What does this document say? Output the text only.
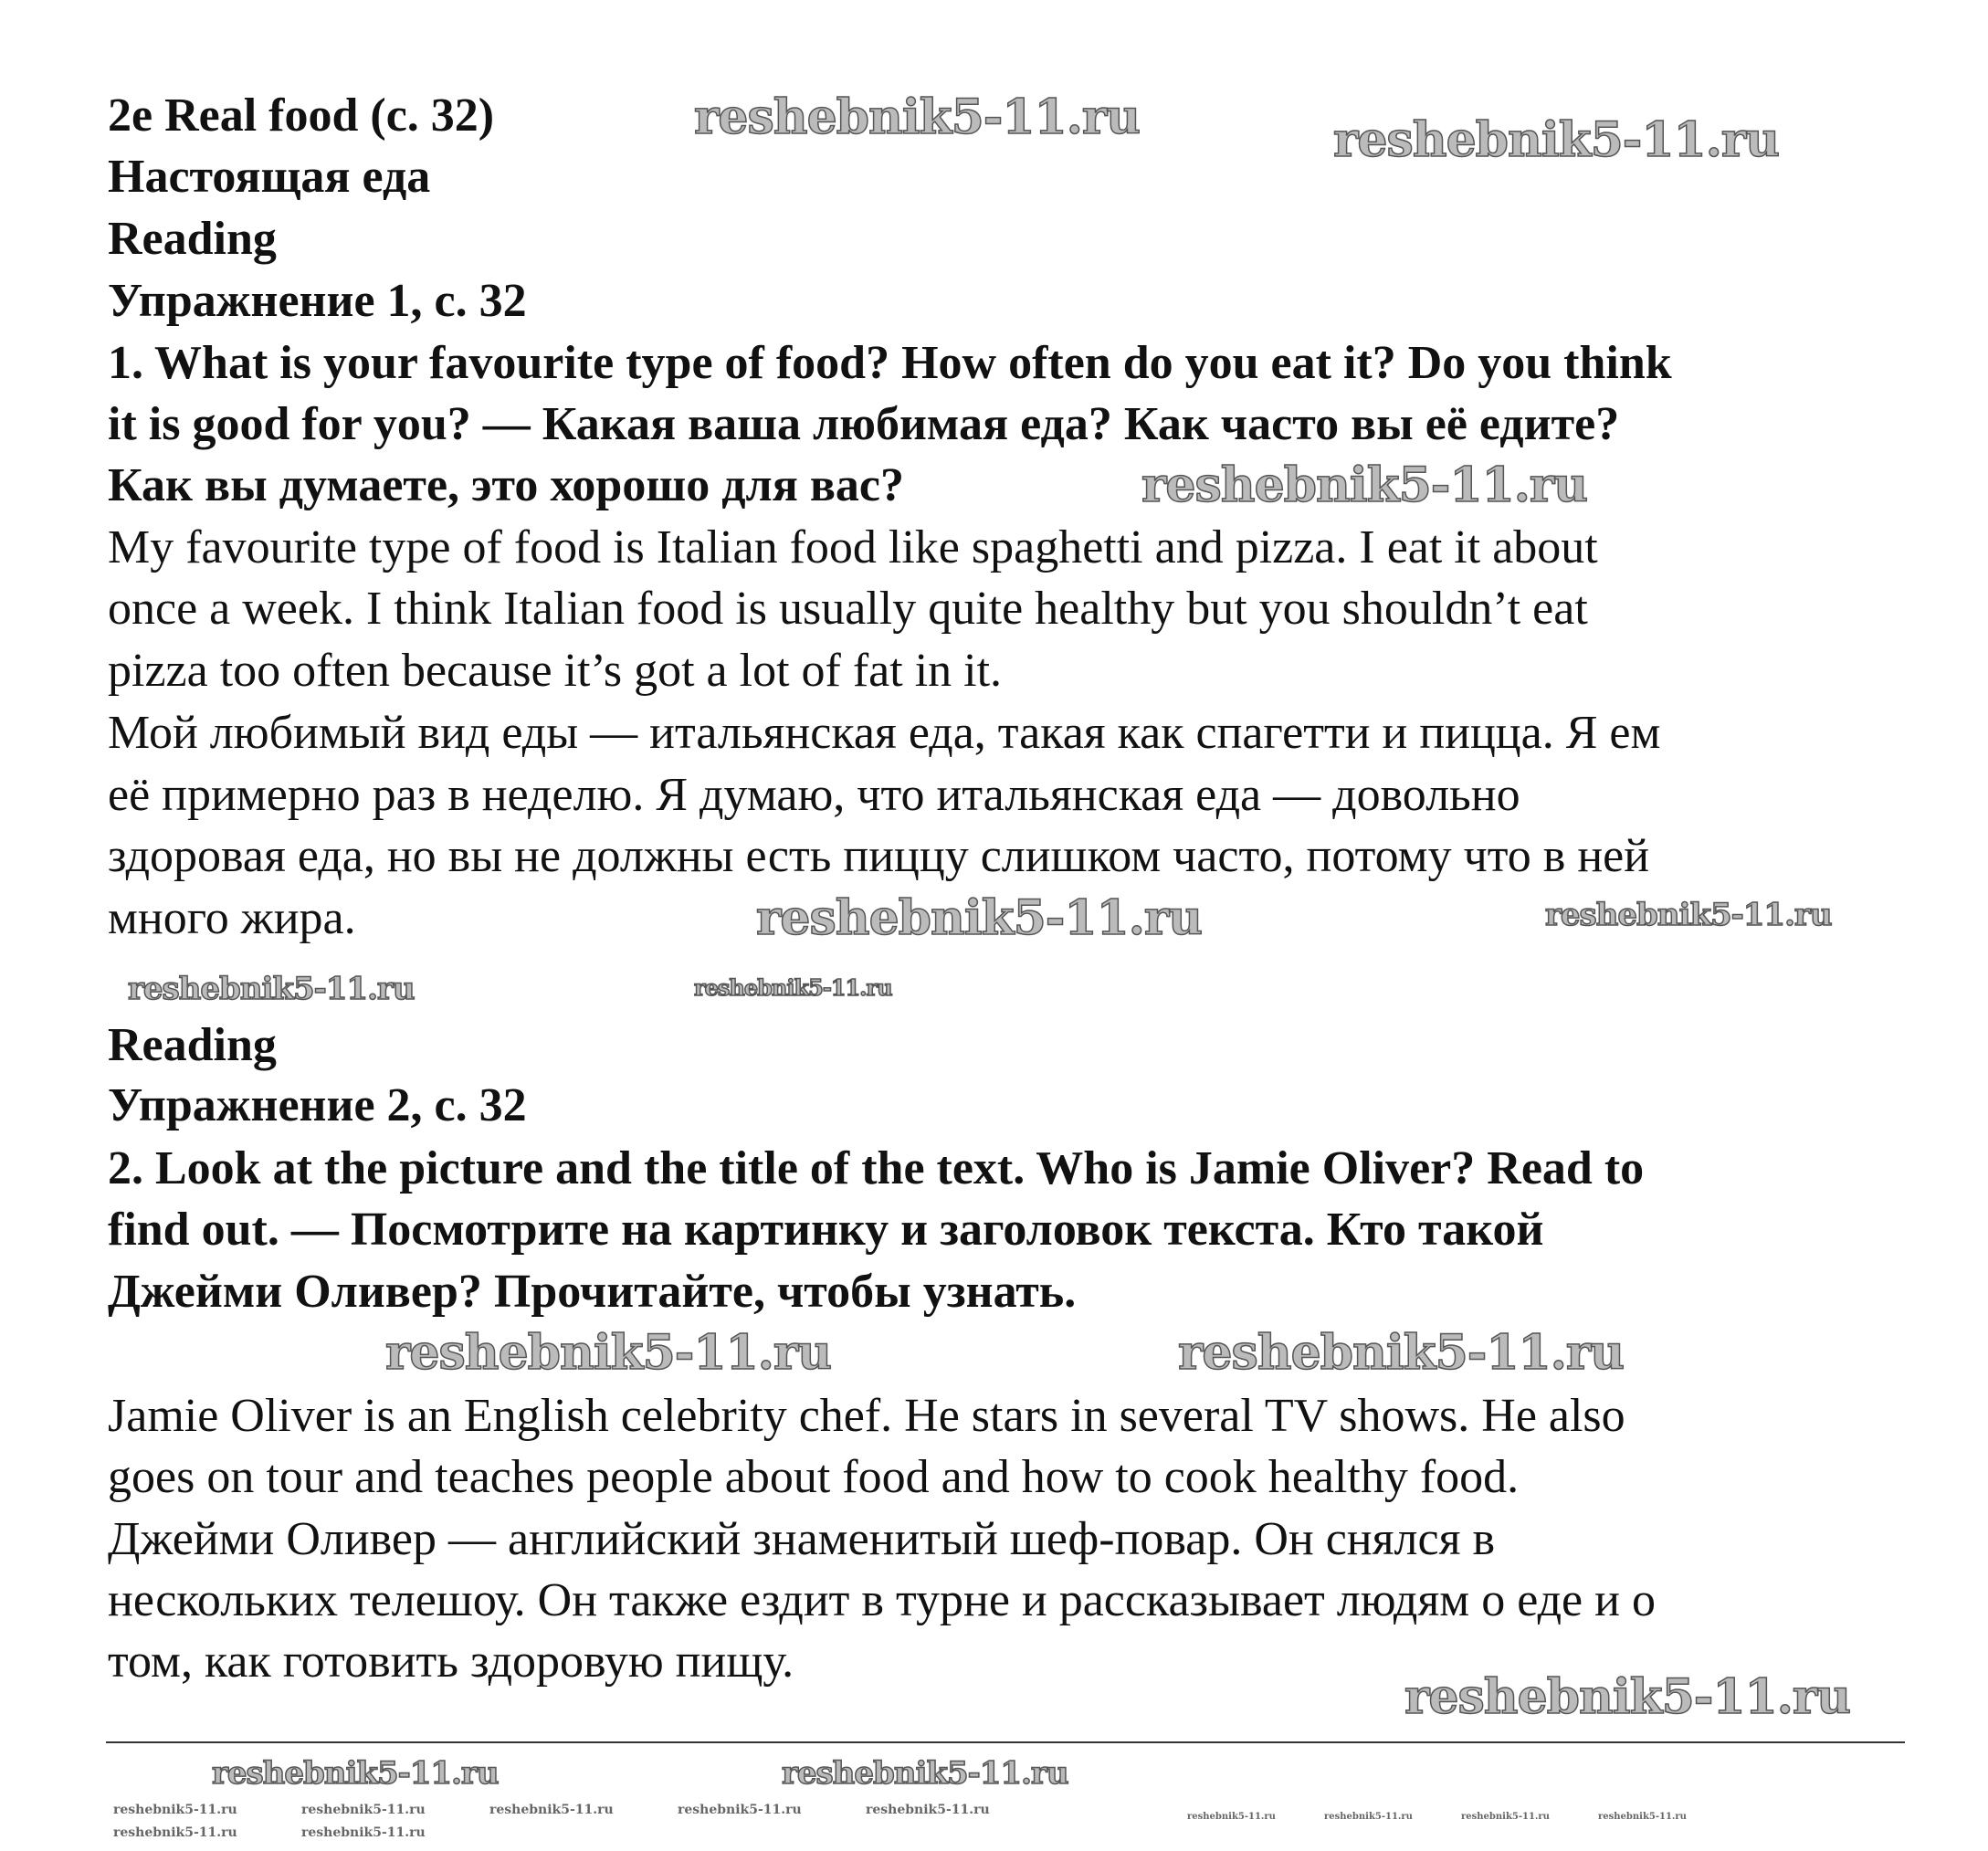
2e Real food (с. 32)
Настоящая еда
Reading
Упражнение 1, с. 32
1. What is your favourite type of food? How often do you eat it? Do you think
it is good for you? — Какая ваша любимая еда? Как часто вы её едите?
Как вы думаете, это хорошо для вас?
My favourite type of food is Italian food like spaghetti and pizza. I eat it about
once a week. I think Italian food is usually quite healthy but you shouldn’t eat
pizza too often because it’s got a lot of fat in it.
Мой любимый вид еды — итальянская еда, такая как спагетти и пицца. Я ем
её примерно раз в неделю. Я думаю, что итальянская еда — довольно
здоровая еда, но вы не должны есть пиццу слишком часто, потому что в ней
много жира.
Reading
Упражнение 2, с. 32
2. Look at the picture and the title of the text. Who is Jamie Oliver? Read to
find out. — Посмотрите на картинку и заголовок текста. Кто такой
Джейми Оливер? Прочитайте, чтобы узнать.
Jamie Oliver is an English celebrity chef. He stars in several TV shows. He also
goes on tour and teaches people about food and how to cook healthy food.
Джейми Оливер — английский знаменитый шеф-повар. Он снялся в
нескольких телешоу. Он также ездит в турне и рассказывает людям о еде и о
том, как готовить здоровую пищу.
reshebnik5-11.ru	reshebnik5-11.ru
reshebnik5-11.ru
reshebnik5-11.ru	reshebnik5-11.ru
reshebnik5-11.ru	reshebnik5-11.ru
reshebnik5-11.ru	reshebnik5-11.ru
reshebnik5-11.ru
reshebnik5-11.ru	reshebnik5-11.ru
reshebnik5-11.ru	reshebnik5-11.ru	reshebnik5-11.ru	reshebnik5-11.ru	reshebnik5-11.ru
reshebnik5-11.ru	reshebnik5-11.ru
reshebnik5-11.ru	reshebnik5-11.ru	reshebnik5-11.ru	reshebnik5-11.ru
